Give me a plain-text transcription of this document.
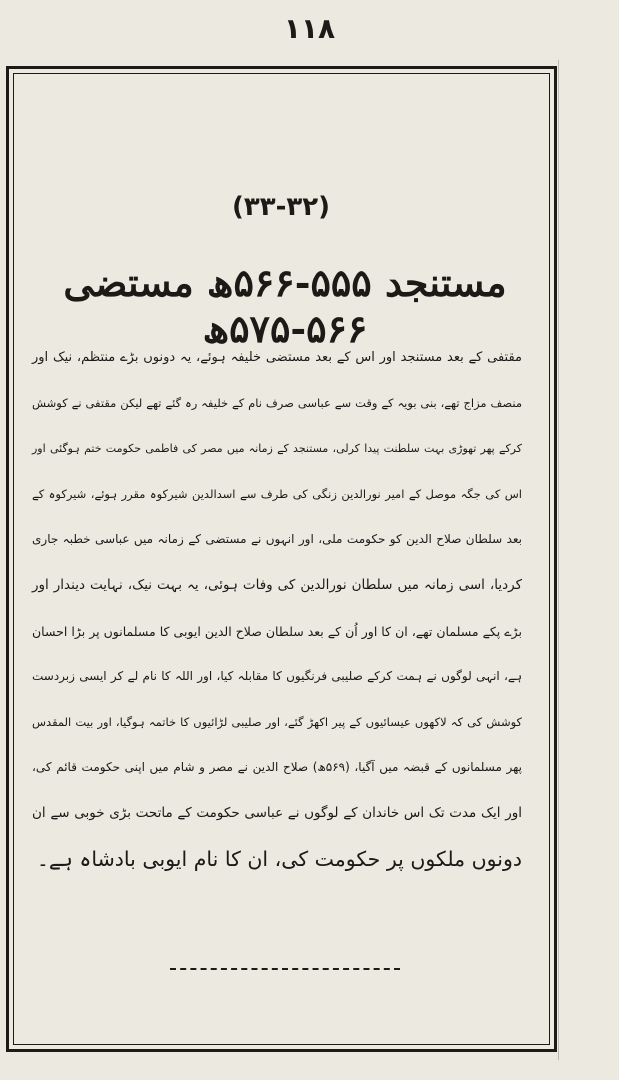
۱۱۸
(۳۳-۳۲)
مستنجد ۵۵۵-۵۶۶ھ مستضی ۵۶۶-۵۷۵ھ
مقتفی کے بعد مستنجد اور اس کے بعد مستضی خلیفہ ہوئے، یہ دونوں بڑے منتظم، نیک اور
منصف مزاج تھے، بنی بویہ کے وقت سے عباسی صرف نام کے خلیفہ رہ گئے تھے لیکن مقتفی نے کوشش
کرکے پھر تھوڑی بہت سلطنت پیدا کرلی، مستنجد کے زمانہ میں مصر کی فاطمی حکومت ختم ہوگئی اور
اس کی جگہ موصل کے امیر نورالدین زنگی کی طرف سے اسدالدین شیرکوہ مقرر ہوئے، شیرکوہ کے
بعد سلطان صلاح الدین کو حکومت ملی، اور انہوں نے مستضی کے زمانہ میں عباسی خطبہ جاری
کردیا، اسی زمانہ میں سلطان نورالدین کی وفات ہوئی، یہ بہت نیک، نہایت دیندار اور
بڑے پکے مسلمان تھے، ان کا اور اُن کے بعد سلطان صلاح الدین ایوبی کا مسلمانوں پر بڑا احسان
ہے، انہی لوگوں نے ہمت کرکے صلیبی فرنگیوں کا مقابلہ کیا، اور اللہ کا نام لے کر ایسی زبردست
کوشش کی کہ لاکھوں عیسائیوں کے پیر اکھڑ گئے، اور صلیبی لڑائیوں کا خاتمہ ہوگیا، اور بیت المقدس
پھر مسلمانوں کے قبضہ میں آگیا، (۵۶۹ھ) صلاح الدین نے مصر و شام میں اپنی حکومت قائم کی،
اور ایک مدت تک اس خاندان کے لوگوں نے عباسی حکومت کے ماتحت بڑی خوبی سے ان
دونوں ملکوں پر حکومت کی، ان کا نام ایوبی بادشاہ ہے۔
